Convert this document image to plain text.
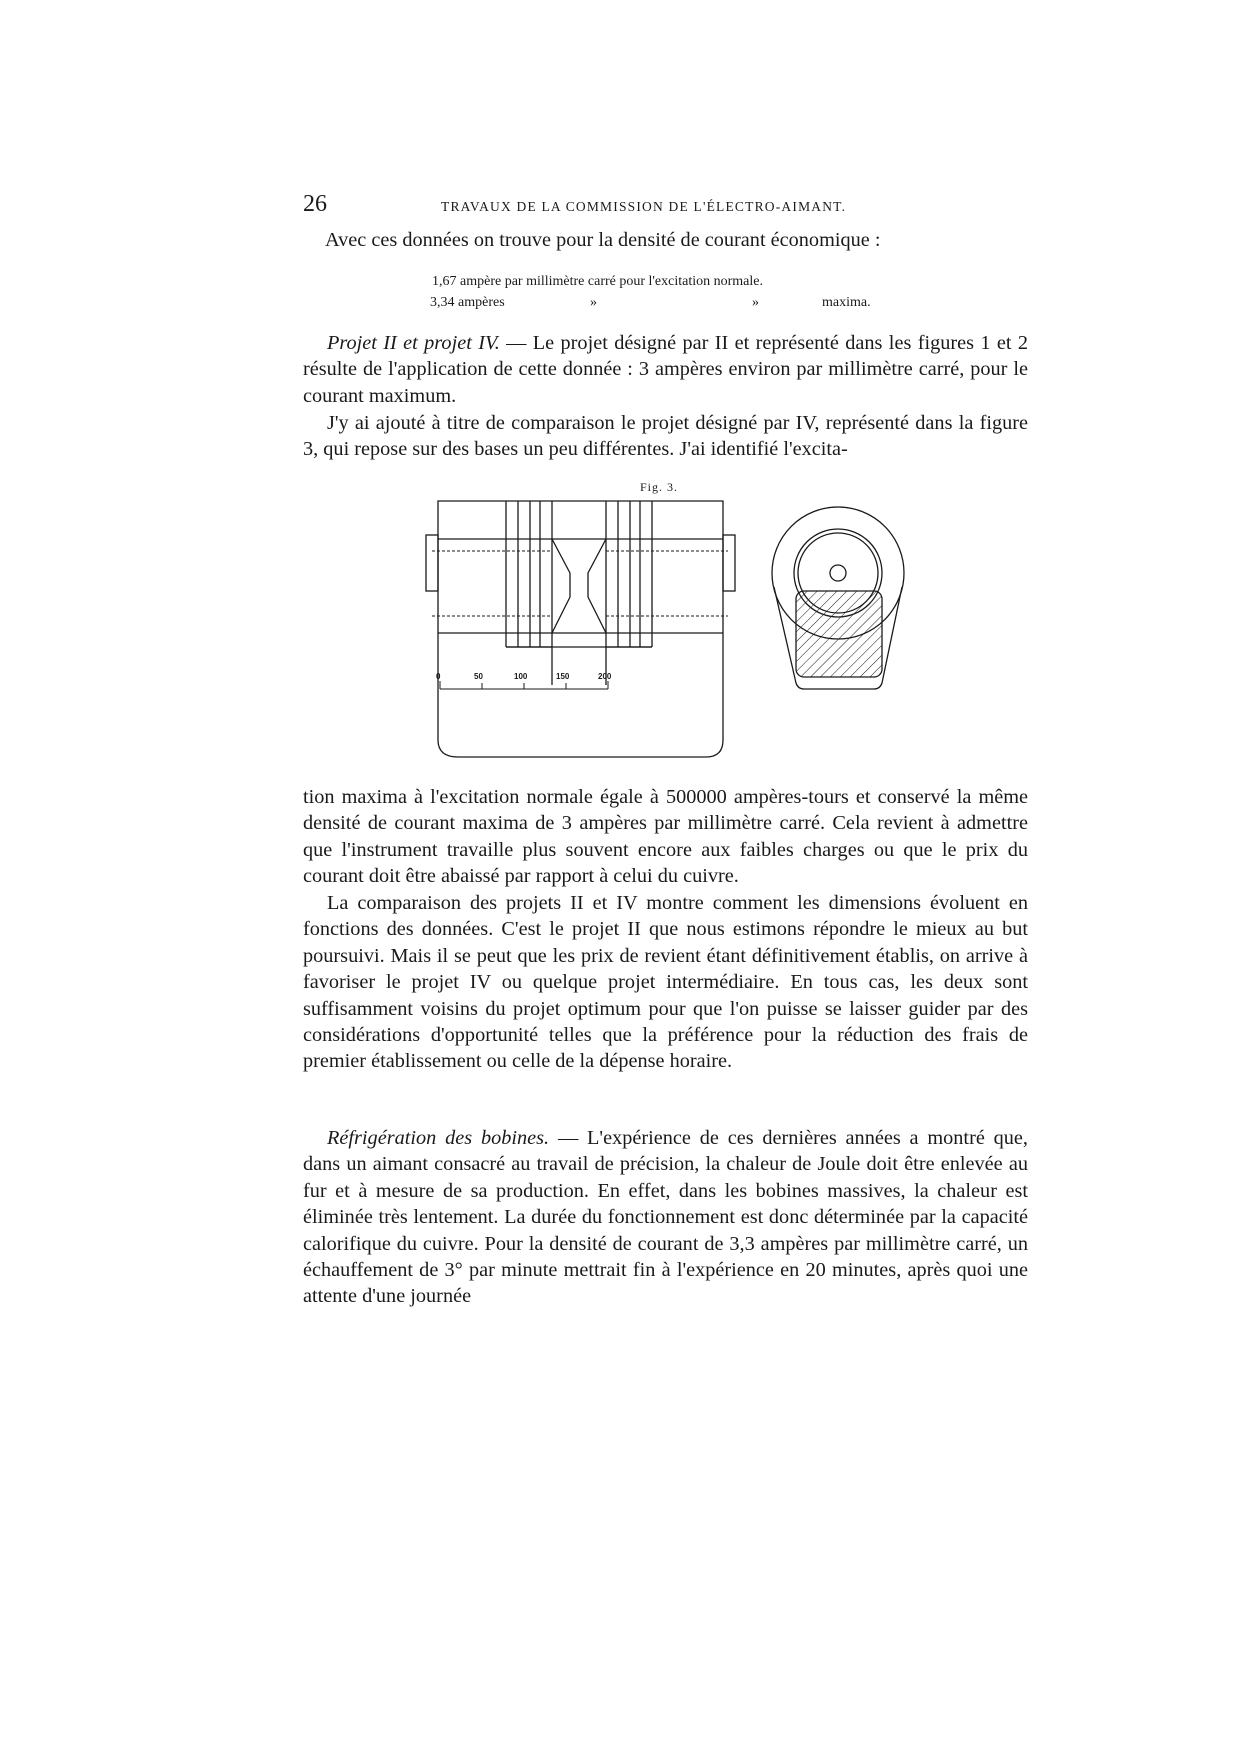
26	TRAVAUX DE LA COMMISSION DE L'ÉLECTRO-AIMANT.

Avec ces données on trouve pour la densité de courant économique :

1,67 ampère par millimètre carré pour l'excitation normale.
3,34 ampères	»	»	maxima.

Projet II et projet IV. — Le projet désigné par II et représenté dans les figures 1 et 2 résulte de l'application de cette donnée : 3 ampères environ par millimètre carré, pour le courant maximum.

J'y ai ajouté à titre de comparaison le projet désigné par IV, représenté dans la figure 3, qui repose sur des bases un peu différentes. J'ai identifié l'excita-

Fig. 3.
0	50	100	150	200

tion maxima à l'excitation normale égale à 500000 ampères-tours et conservé la même densité de courant maxima de 3 ampères par millimètre carré. Cela revient à admettre que l'instrument travaille plus souvent encore aux faibles charges ou que le prix du courant doit être abaissé par rapport à celui du cuivre.

La comparaison des projets II et IV montre comment les dimensions évoluent en fonctions des données. C'est le projet II que nous estimons répondre le mieux au but poursuivi. Mais il se peut que les prix de revient étant définitivement établis, on arrive à favoriser le projet IV ou quelque projet intermédiaire. En tous cas, les deux sont suffisamment voisins du projet optimum pour que l'on puisse se laisser guider par des considérations d'opportunité telles que la préférence pour la réduction des frais de premier établissement ou celle de la dépense horaire.

Réfrigération des bobines. — L'expérience de ces dernières années a montré que, dans un aimant consacré au travail de précision, la chaleur de Joule doit être enlevée au fur et à mesure de sa production. En effet, dans les bobines massives, la chaleur est éliminée très lentement. La durée du fonctionnement est donc déterminée par la capacité calorifique du cuivre. Pour la densité de courant de 3,3 ampères par millimètre carré, un échauffement de 3° par minute mettrait fin à l'expérience en 20 minutes, après quoi une attente d'une journée
